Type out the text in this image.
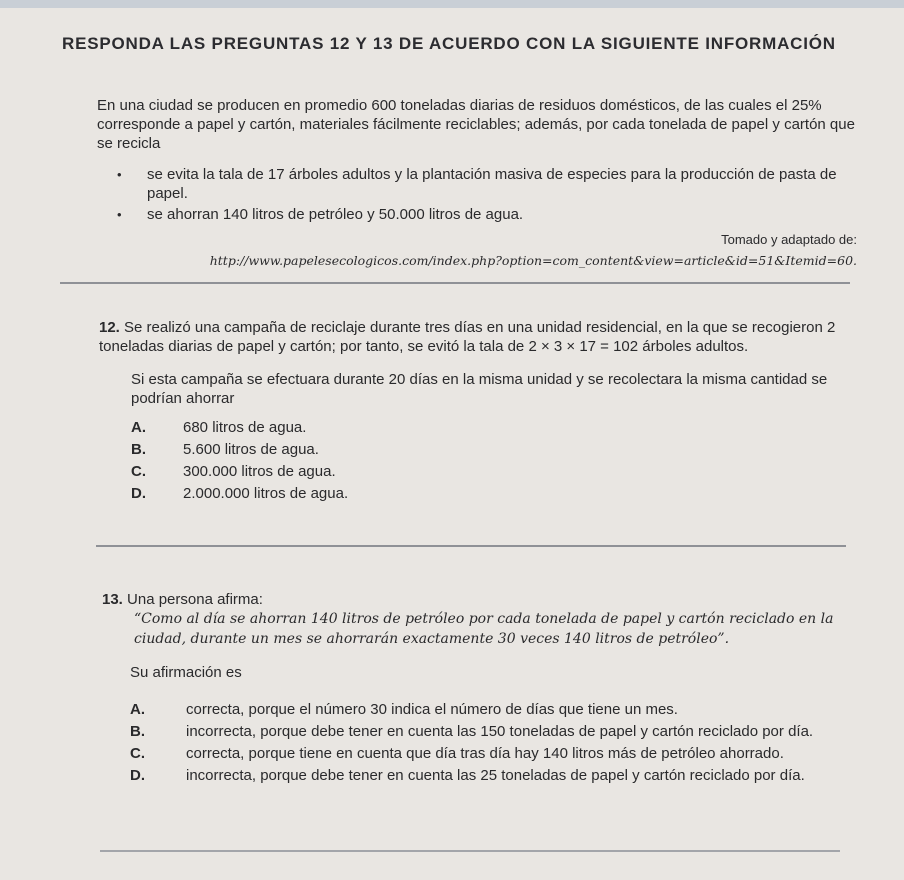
RESPONDA LAS PREGUNTAS 12 Y 13 DE ACUERDO CON LA SIGUIENTE INFORMACIÓN

En una ciudad se producen en promedio 600 toneladas diarias de residuos domésticos, de las cuales el 25% corresponde a papel y cartón, materiales fácilmente reciclables; además, por cada tonelada de papel y cartón que se recicla

• se evita la tala de 17 árboles adultos y la plantación masiva de especies para la producción de pasta de papel.
• se ahorran 140 litros de petróleo y 50.000 litros de agua.
Tomado y adaptado de:
http://www.papelesecologicos.com/index.php?option=com_content&view=article&id=51&Itemid=60.

12. Se realizó una campaña de reciclaje durante tres días en una unidad residencial, en la que se recogieron 2 toneladas diarias de papel y cartón; por tanto, se evitó la tala de 2 × 3 × 17 = 102 árboles adultos.

Si esta campaña se efectuara durante 20 días en la misma unidad y se recolectara la misma cantidad se podrían ahorrar

A.	680 litros de agua.
B.	5.600 litros de agua.
C.	300.000 litros de agua.
D.	2.000.000 litros de agua.

13. Una persona afirma:

“Como al día se ahorran 140 litros de petróleo por cada tonelada de papel y cartón reciclado en la ciudad, durante un mes se ahorrarán exactamente 30 veces 140 litros de petróleo”.

Su afirmación es

A.	correcta, porque el número 30 indica el número de días que tiene un mes.
B.	incorrecta, porque debe tener en cuenta las 150 toneladas de papel y cartón reciclado por día.
C.	correcta, porque tiene en cuenta que día tras día hay 140 litros más de petróleo ahorrado.
D.	incorrecta, porque debe tener en cuenta las 25 toneladas de papel y cartón reciclado por día.
